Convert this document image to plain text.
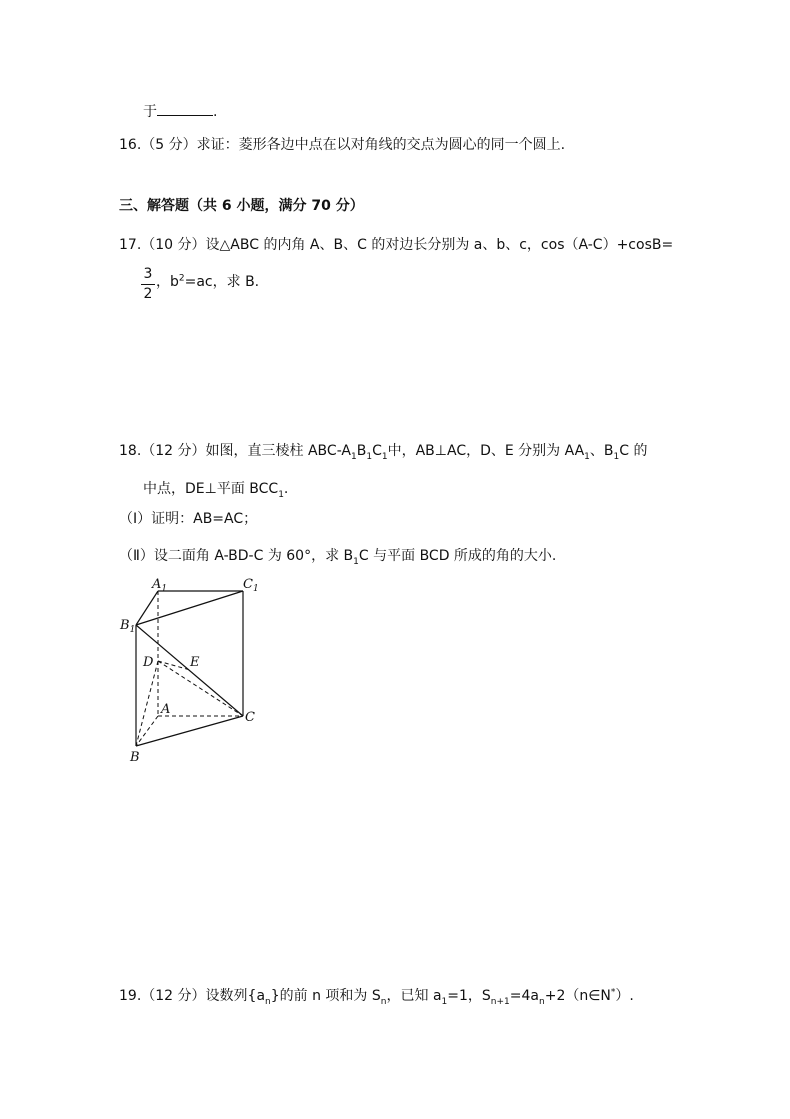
于	.
16.（5 分）求证：菱形各边中点在以对角线的交点为圆心的同一个圆上.
三、解答题（共 6 小题，满分 70 分）
17.（10 分）设△ABC 的内角 A、B、C 的对边长分别为 a、b、c，cos（A-C）+cosB=
3
2
，$b^2=ac$，求 B.
18.（12 分）如图，直三棱柱 ABC-$A_1B_1C_1$中，AB⊥AC，D、E 分别为 $AA_1$、$B_1C$ 的
中点，DE⊥平面 $BCC_1$.
（Ⅰ）证明：AB=AC；
（Ⅱ）设二面角 A-BD-C 为 60°，求 $B_1C$ 与平面 BCD 所成的角的大小.
$A_1$	$C_1$
$B_1$
D	E
A
C
B
19.（12 分）设数列$\{a_n\}$的前 n 项和为 $S_n$，已知 $a_1=1$，$S_{n+1}=4a_n+2(n\in N^*)$.
